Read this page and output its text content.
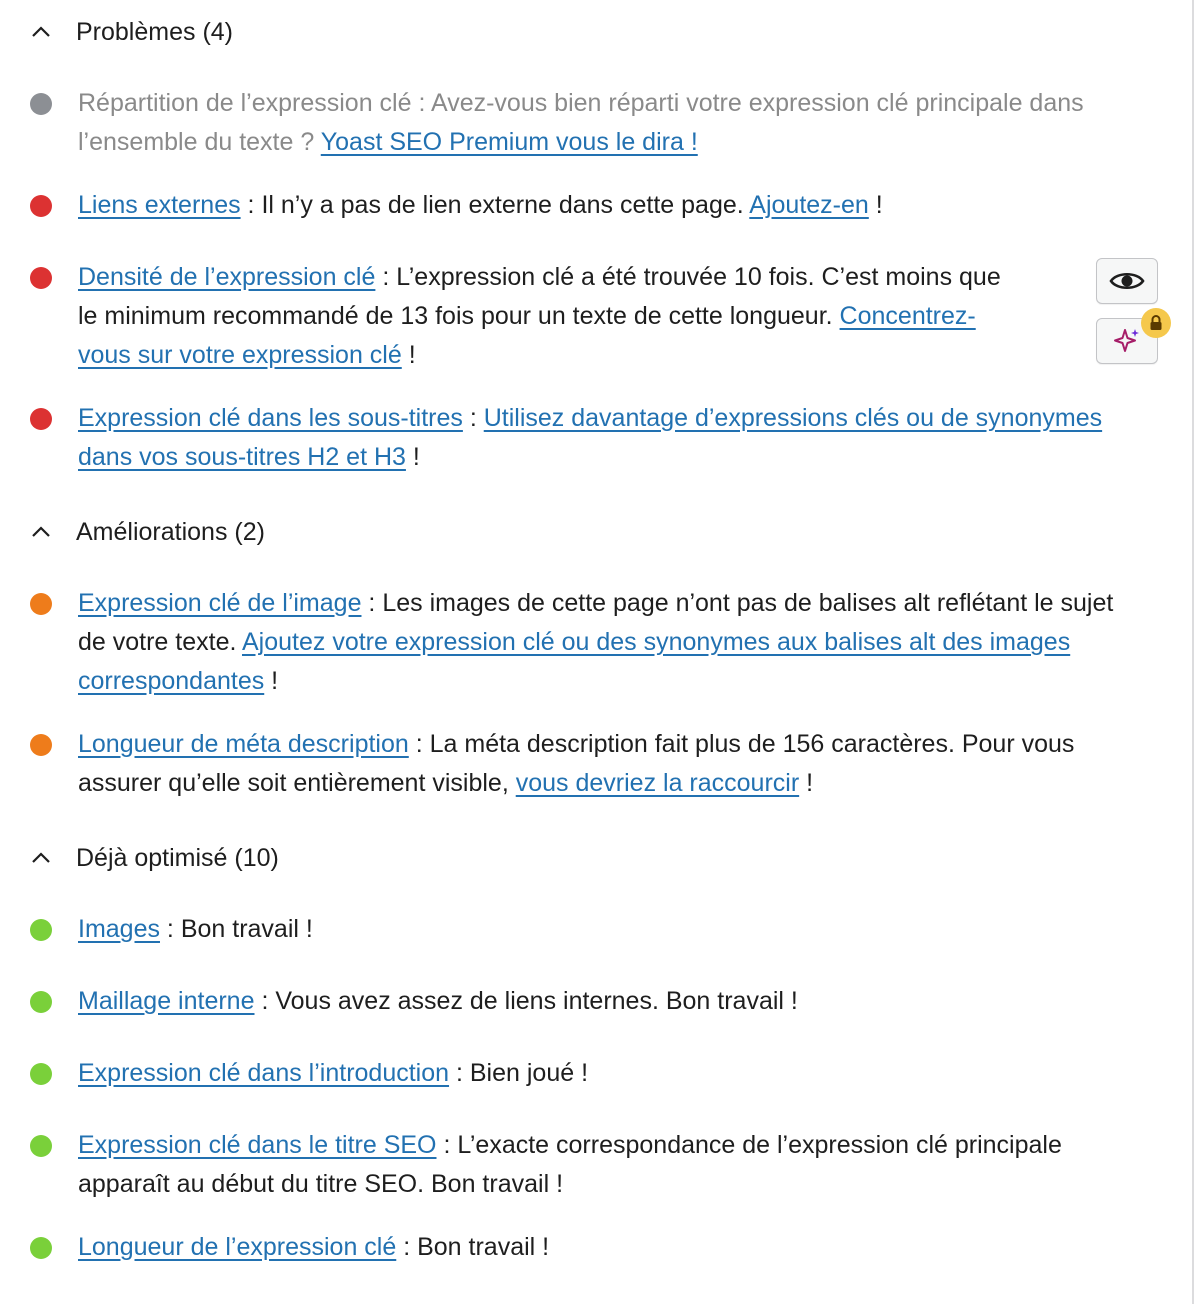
Problèmes (4)
Répartition de l’expression clé : Avez-vous bien réparti votre expression clé principale dans l’ensemble du texte ? Yoast SEO Premium vous le dira !
Liens externes : Il n’y a pas de lien externe dans cette page. Ajoutez-en !
Densité de l’expression clé : L’expression clé a été trouvée 10 fois. C’est moins que le minimum recommandé de 13 fois pour un texte de cette longueur. Concentrez-vous sur votre expression clé !
Expression clé dans les sous-titres : Utilisez davantage d’expressions clés ou de synonymes dans vos sous-titres H2 et H3 !
Améliorations (2)
Expression clé de l’image : Les images de cette page n’ont pas de balises alt reflétant le sujet de votre texte. Ajoutez votre expression clé ou des synonymes aux balises alt des images correspondantes !
Longueur de méta description : La méta description fait plus de 156 caractères. Pour vous assurer qu’elle soit entièrement visible, vous devriez la raccourcir !
Déjà optimisé (10)
Images : Bon travail !
Maillage interne : Vous avez assez de liens internes. Bon travail !
Expression clé dans l’introduction : Bien joué !
Expression clé dans le titre SEO : L’exacte correspondance de l’expression clé principale apparaît au début du titre SEO. Bon travail !
Longueur de l’expression clé : Bon travail !
